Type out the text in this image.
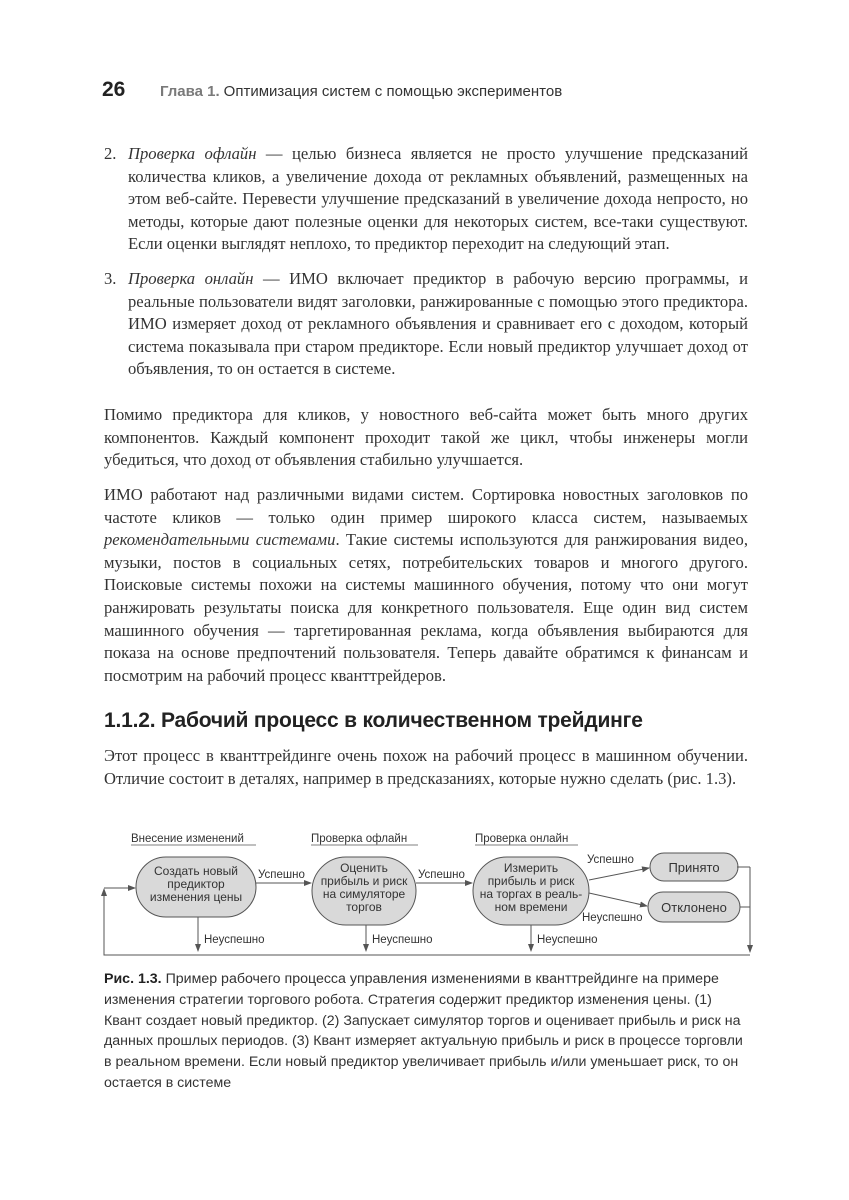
26	Глава 1. Оптимизация систем с помощью экспериментов
2. Проверка офлайн — целью бизнеса является не просто улучшение предсказаний количества кликов, а увеличение дохода от рекламных объявлений, размещенных на этом веб-сайте. Перевести улучшение предсказаний в увеличение дохода непросто, но методы, которые дают полезные оценки для некоторых систем, все-таки существуют. Если оценки выглядят неплохо, то предиктор переходит на следующий этап.
3. Проверка онлайн — ИМО включает предиктор в рабочую версию программы, и реальные пользователи видят заголовки, ранжированные с помощью этого предиктора. ИМО измеряет доход от рекламного объявления и сравнивает его с доходом, который система показывала при старом предикторе. Если новый предиктор улучшает доход от объявления, то он остается в системе.
Помимо предиктора для кликов, у новостного веб-сайта может быть много других компонентов. Каждый компонент проходит такой же цикл, чтобы инженеры могли убедиться, что доход от объявления стабильно улучшается.
ИМО работают над различными видами систем. Сортировка новостных заголовков по частоте кликов — только один пример широкого класса систем, называемых рекомендательными системами. Такие системы используются для ранжирования видео, музыки, постов в социальных сетях, потребительских товаров и многого другого. Поисковые системы похожи на системы машинного обучения, потому что они могут ранжировать результаты поиска для конкретного пользователя. Еще один вид систем машинного обучения — таргетированная реклама, когда объявления выбираются для показа на основе предпочтений пользователя. Теперь давайте обратимся к финансам и посмотрим на рабочий процесс кванттрейдеров.
1.1.2. Рабочий процесс в количественном трейдинге
Этот процесс в кванттрейдинге очень похож на рабочий процесс в машинном обучении. Отличие состоит в деталях, например в предсказаниях, которые нужно сделать (рис. 1.3).
Внесение изменений	Проверка офлайн	Проверка онлайн
Создать новый
предиктор
изменения цены
Оценить
прибыль и риск
на симуляторе
торгов
Измерить
прибыль и риск
на торгах в реаль-
ном времени
Принято
Отклонено
Успешно	Успешно
Успешно
Неуспешно
Неуспешно	Неуспешно	Неуспешно
Рис. 1.3. Пример рабочего процесса управления изменениями в кванттрейдинге на примере изменения стратегии торгового робота. Стратегия содержит предиктор изменения цены. (1) Квант создает новый предиктор. (2) Запускает симулятор торгов и оценивает прибыль и риск на данных прошлых периодов. (3) Квант измеряет актуальную прибыль и риск в процессе торговли в реальном времени. Если новый предиктор увеличивает прибыль и/или уменьшает риск, то он остается в системе
